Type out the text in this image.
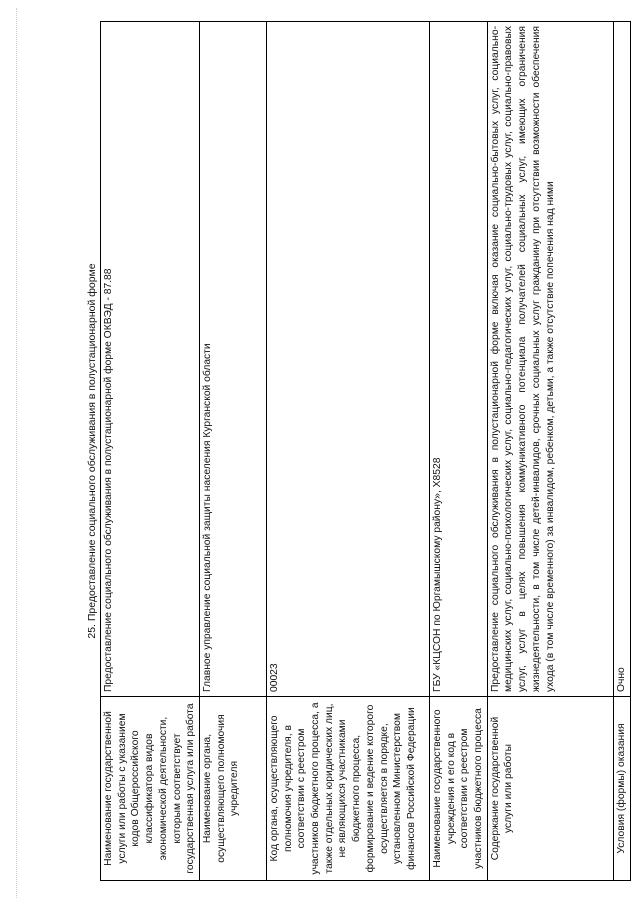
25. Предоставление социального обслуживания в полустационарной форме
Наименование государственной услуги или работы с указанием кодов Общероссийского классификатора видов экономической деятельности, которым соответствует государственная услуга или работа	Предоставление социального обслуживания в полустационарной форме ОКВЭД - 87.88
Наименование органа, осуществляющего полномочия учредителя	Главное управление социальной защиты населения Курганской области
Код органа, осуществляющего полномочия учредителя, в соответствии с реестром участников бюджетного процесса, а также отдельных юридических лиц, не являющихся участниками бюджетного процесса, формирование и ведение которого осуществляется в порядке, установленном Министерством финансов Российской Федерации	00023
Наименование государственного учреждения и его код в соответствии с реестром участников бюджетного процесса	ГБУ «КЦСОН по Юргамышскому району», Х8528
Содержание государственной услуги или работы	Предоставление социального обслуживания в полустационарной форме включая оказание социально-бытовых услуг, социально-медицинских услуг, социально-психологических услуг, социально-педагогических услуг, социально-трудовых услуг, социально-правовых услуг, услуг в целях повышения коммуникативного потенциала получателей социальных услуг, имеющих ограничения жизнедеятельности, в том числе детей-инвалидов, срочных социальных услуг гражданину при отсутствии возможности обеспечения ухода (в том числе временного) за инвалидом, ребенком, детьми, а также отсутствие попечения над ними
Условия (формы) оказания	Очно
